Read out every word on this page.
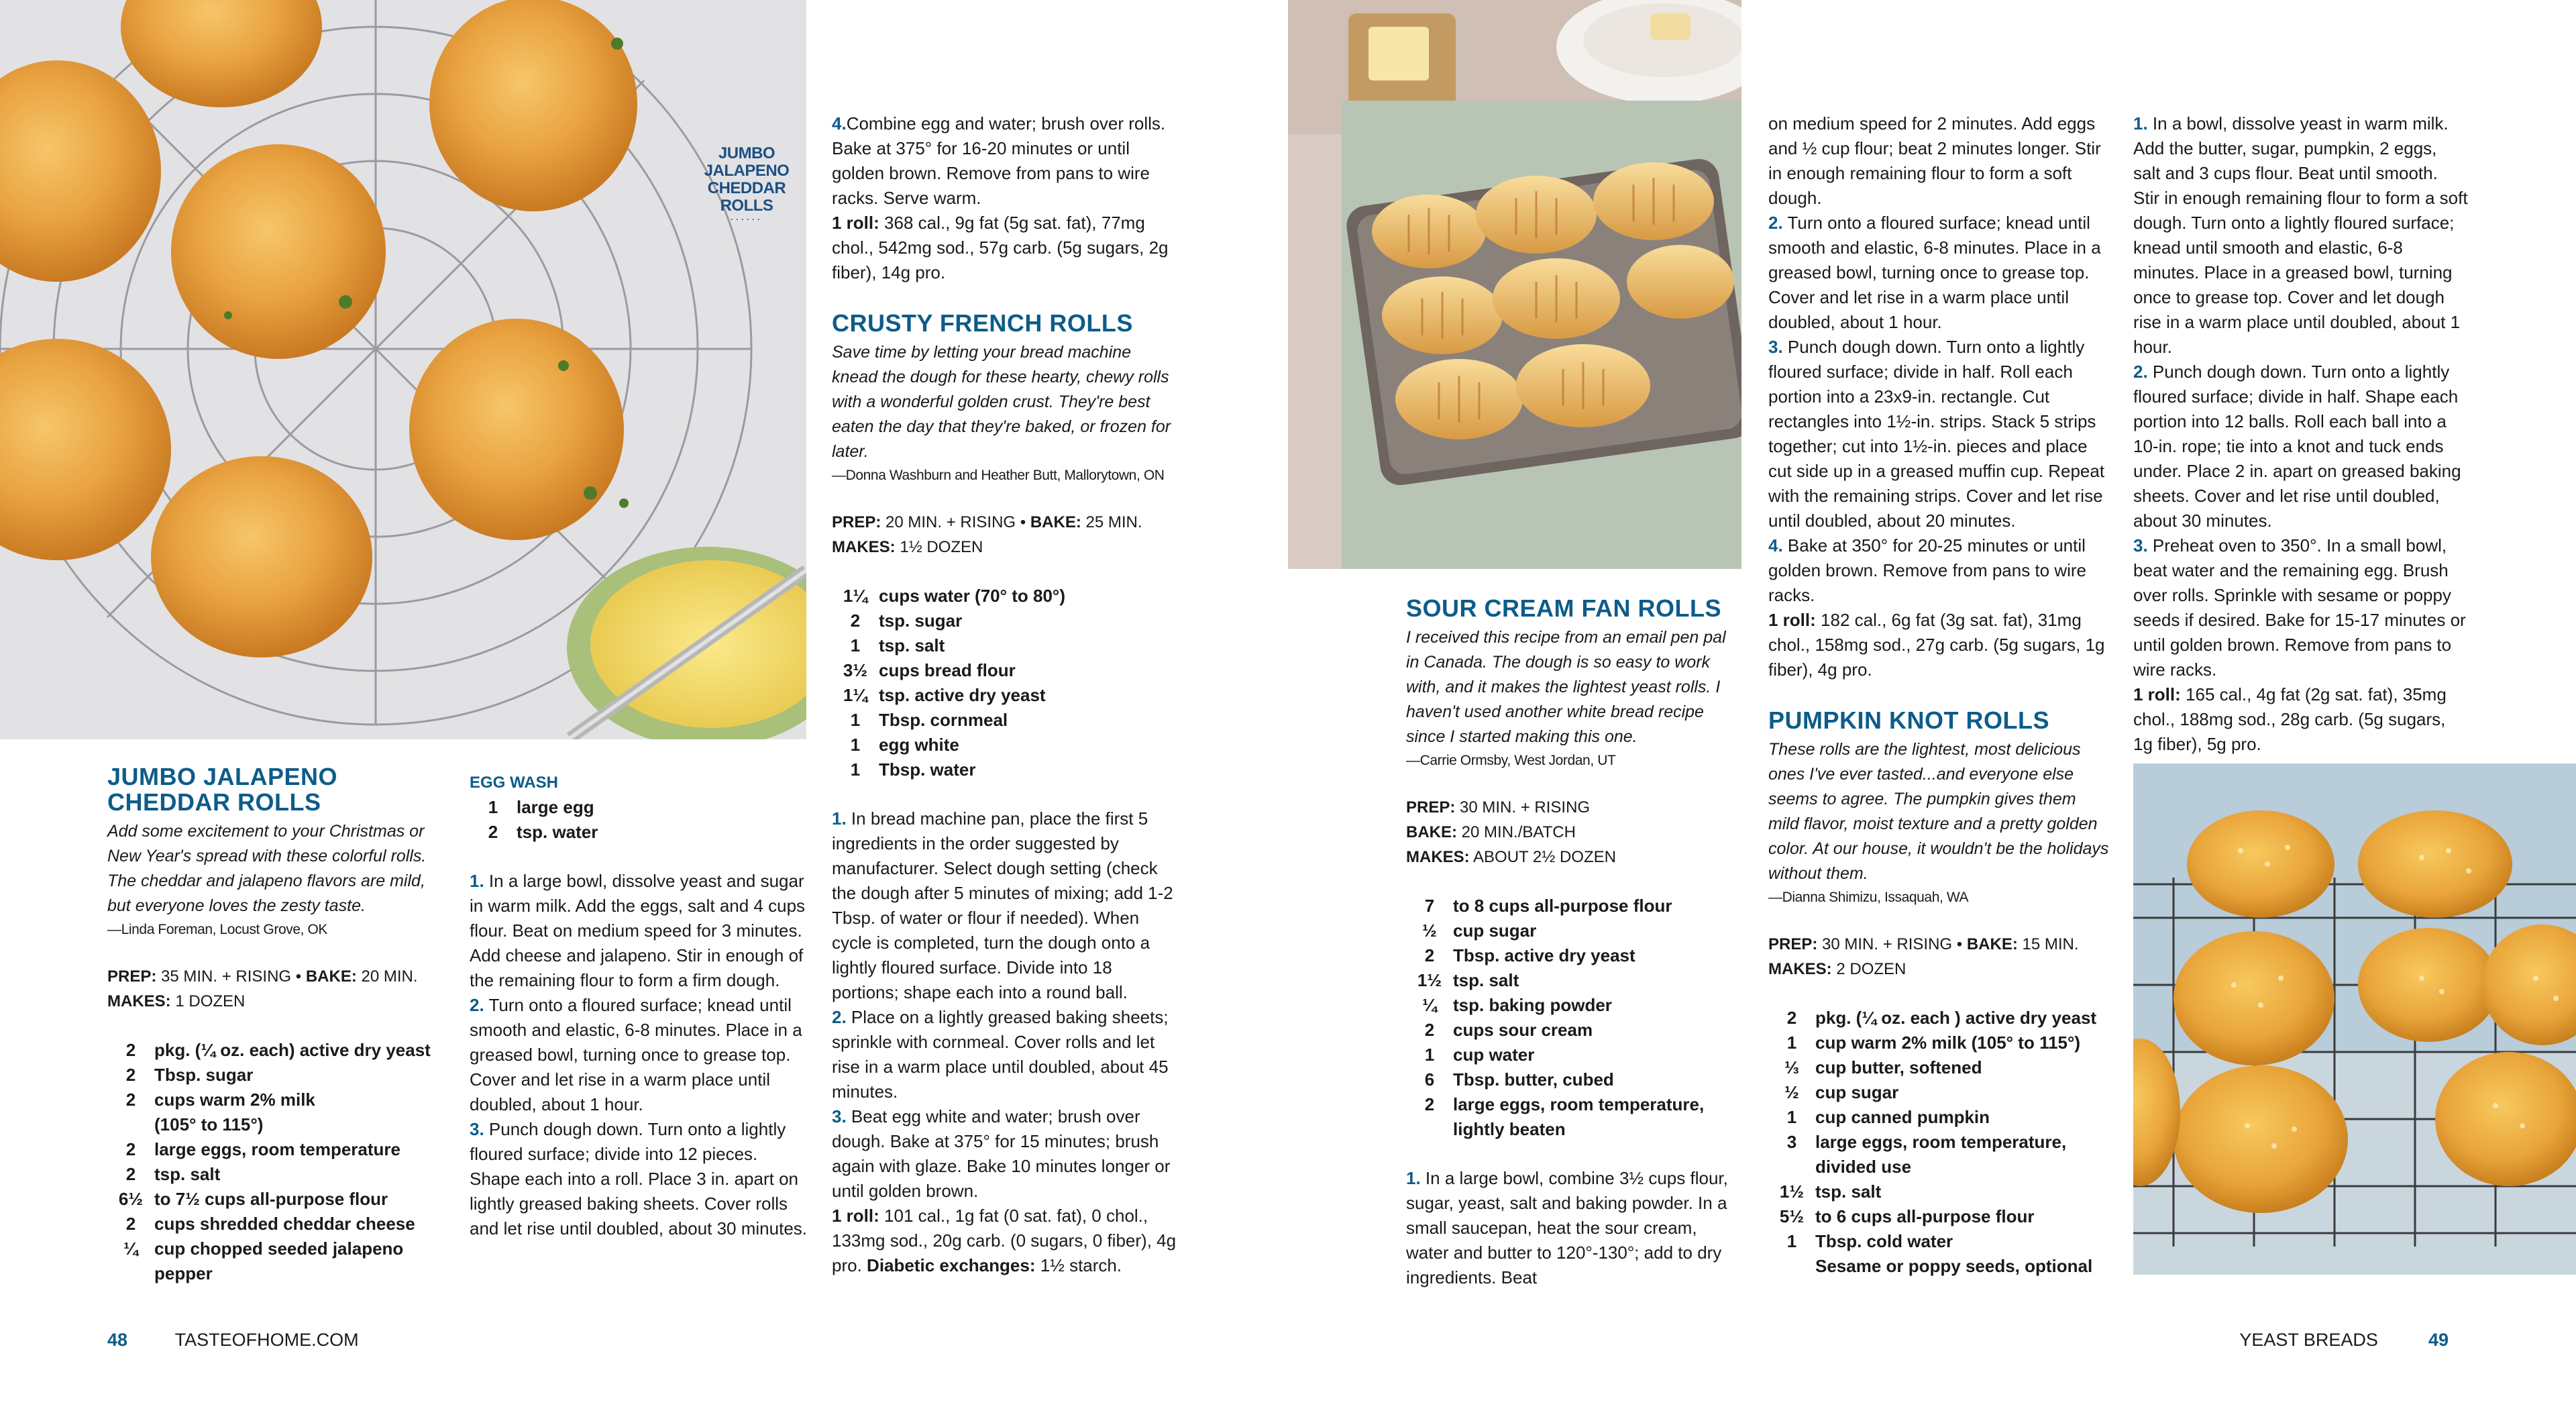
JUMBO
JALAPENO
CHEDDAR
ROLLS
······
JUMBO JALAPENO
CHEDDAR ROLLS
Add some excitement to your Christmas or New Year's spread with these colorful rolls. The cheddar and jalapeno flavors are mild, but everyone loves the zesty taste.
—Linda Foreman, Locust Grove, OK
PREP: 35 MIN. + RISING • BAKE: 20 MIN.
MAKES: 1 DOZEN
2	pkg. (¼ oz. each) active dry yeast
2	Tbsp. sugar
2	cups warm 2% milk
(105° to 115°)
2	large eggs, room temperature
2	tsp. salt
6½ to 7½ cups all-purpose flour
2	cups shredded cheddar cheese
¼ cup chopped seeded jalapeno
pepper
EGG WASH
1	large egg
2	tsp. water
1. In a large bowl, dissolve yeast and sugar in warm milk. Add the eggs, salt and 4 cups flour. Beat on medium speed for 3 minutes. Add cheese and jalapeno. Stir in enough of the remaining flour to form a firm dough.
2. Turn onto a floured surface; knead until smooth and elastic, 6-8 minutes. Place in a greased bowl, turning once to grease top. Cover and let rise in a warm place until doubled, about 1 hour.
3. Punch dough down. Turn onto a lightly floured surface; divide into 12 pieces. Shape each into a roll. Place 3 in. apart on lightly greased baking sheets. Cover rolls and let rise until doubled, about 30 minutes.
4.Combine egg and water; brush over rolls. Bake at 375° for 16-20 minutes or until golden brown. Remove from pans to wire racks. Serve warm.
1 roll: 368 cal., 9g fat (5g sat. fat), 77mg chol., 542mg sod., 57g carb. (5g sugars, 2g fiber), 14g pro.
CRUSTY FRENCH ROLLS
Save time by letting your bread machine knead the dough for these hearty, chewy rolls with a wonderful golden crust. They're best eaten the day that they're baked, or frozen for later.
—Donna Washburn and Heather Butt, Mallorytown, ON
PREP: 20 MIN. + RISING • BAKE: 25 MIN.
MAKES: 1½ DOZEN
1¼ cups water (70° to 80°)
2	tsp. sugar
1	tsp. salt
3½ cups bread flour
1¼ tsp. active dry yeast
1	Tbsp. cornmeal
1	egg white
1	Tbsp. water
1. In bread machine pan, place the first 5 ingredients in the order suggested by manufacturer. Select dough setting (check the dough after 5 minutes of mixing; add 1-2 Tbsp. of water or flour if needed). When cycle is completed, turn the dough onto a lightly floured surface. Divide into 18 portions; shape each into a round ball.
2. Place on a lightly greased baking sheets; sprinkle with cornmeal. Cover rolls and let rise in a warm place until doubled, about 45 minutes.
3. Beat egg white and water; brush over dough. Bake at 375° for 15 minutes; brush again with glaze. Bake 10 minutes longer or until golden brown.
1 roll: 101 cal., 1g fat (0 sat. fat), 0 chol., 133mg sod., 20g carb. (0 sugars, 0 fiber), 4g pro. Diabetic exchanges: 1½ starch.
SOUR CREAM FAN ROLLS
I received this recipe from an email pen pal in Canada. The dough is so easy to work with, and it makes the lightest yeast rolls. I haven't used another white bread recipe since I started making this one.
—Carrie Ormsby, West Jordan, UT
PREP: 30 MIN. + RISING
BAKE: 20 MIN./BATCH
MAKES: ABOUT 2½ DOZEN
7	to 8 cups all-purpose flour
½ cup sugar
2	Tbsp. active dry yeast
1½ tsp. salt
¼ tsp. baking powder
2	cups sour cream
1	cup water
6	Tbsp. butter, cubed
2	large eggs, room temperature,
lightly beaten
1. In a large bowl, combine 3½ cups flour, sugar, yeast, salt and baking powder. In a small saucepan, heat the sour cream, water and butter to 120°-130°; add to dry ingredients. Beat
on medium speed for 2 minutes. Add eggs and ½ cup flour; beat 2 minutes longer. Stir in enough remaining flour to form a soft dough.
2. Turn onto a floured surface; knead until smooth and elastic, 6-8 minutes. Place in a greased bowl, turning once to grease top. Cover and let rise in a warm place until doubled, about 1 hour.
3. Punch dough down. Turn onto a lightly floured surface; divide in half. Roll each portion into a 23x9-in. rectangle. Cut rectangles into 1½-in. strips. Stack 5 strips together; cut into 1½-in. pieces and place cut side up in a greased muffin cup. Repeat with the remaining strips. Cover and let rise until doubled, about 20 minutes.
4. Bake at 350° for 20-25 minutes or until golden brown. Remove from pans to wire racks.
1 roll: 182 cal., 6g fat (3g sat. fat), 31mg chol., 158mg sod., 27g carb. (5g sugars, 1g fiber), 4g pro.
PUMPKIN KNOT ROLLS
These rolls are the lightest, most delicious ones I've ever tasted...and everyone else seems to agree. The pumpkin gives them mild flavor, moist texture and a pretty golden color. At our house, it wouldn't be the holidays without them.
—Dianna Shimizu, Issaquah, WA
PREP: 30 MIN. + RISING • BAKE: 15 MIN.
MAKES: 2 DOZEN
2	pkg. (¼ oz. each ) active dry yeast
1	cup warm 2% milk (105° to 115°)
⅓ cup butter, softened
½ cup sugar
1	cup canned pumpkin
3	large eggs, room temperature,
divided use
1½ tsp. salt
5½ to 6 cups all-purpose flour
1	Tbsp. cold water
Sesame or poppy seeds, optional
1. In a bowl, dissolve yeast in warm milk. Add the butter, sugar, pumpkin, 2 eggs, salt and 3 cups flour. Beat until smooth. Stir in enough remaining flour to form a soft dough. Turn onto a lightly floured surface; knead until smooth and elastic, 6-8 minutes. Place in a greased bowl, turning once to grease top. Cover and let dough rise in a warm place until doubled, about 1 hour.
2. Punch dough down. Turn onto a lightly floured surface; divide in half. Shape each portion into 12 balls. Roll each ball into a 10-in. rope; tie into a knot and tuck ends under. Place 2 in. apart on greased baking sheets. Cover and let rise until doubled, about 30 minutes.
3. Preheat oven to 350°. In a small bowl, beat water and the remaining egg. Brush over rolls. Sprinkle with sesame or poppy seeds if desired. Bake for 15-17 minutes or until golden brown. Remove from pans to wire racks.
1 roll: 165 cal., 4g fat (2g sat. fat), 35mg chol., 188mg sod., 28g carb. (5g sugars, 1g fiber), 5g pro.
48	TASTEOFHOME.COM	YEAST BREADS	49
